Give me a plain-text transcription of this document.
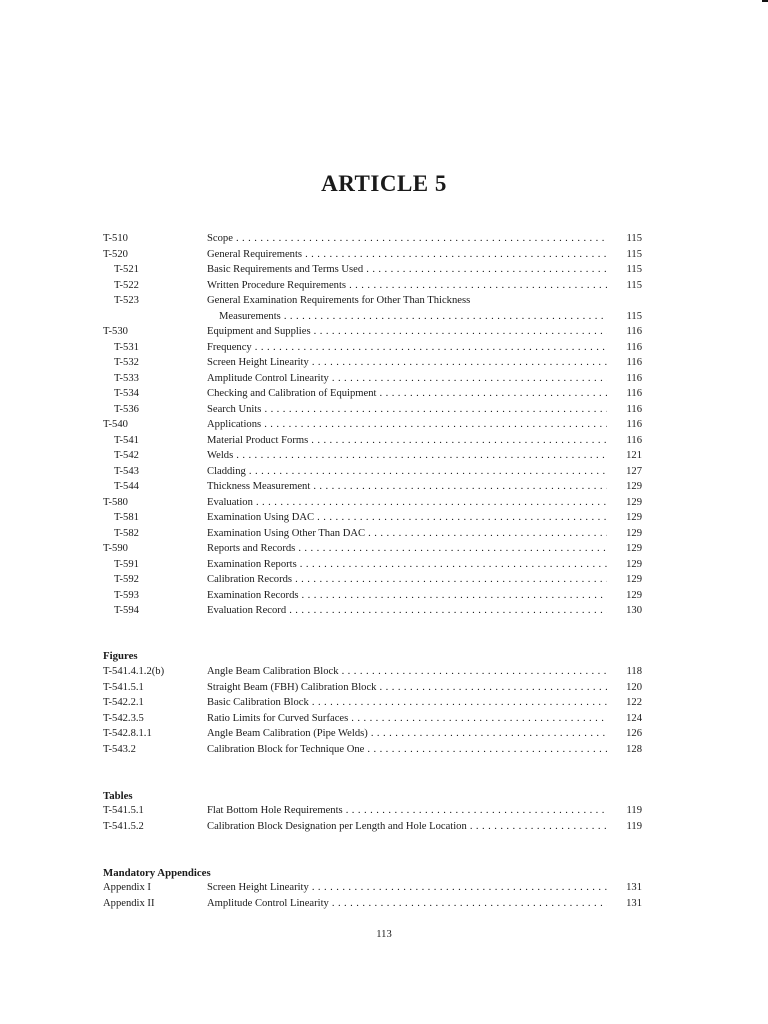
ARTICLE 5
T-510	Scope . . .	115
T-520	General Requirements . . .	115
T-521	Basic Requirements and Terms Used . . .	115
T-522	Written Procedure Requirements . . .	115
T-523	General Examination Requirements for Other Than Thickness
Measurements . . .	115
T-530	Equipment and Supplies . . .	116
T-531	Frequency . . .	116
T-532	Screen Height Linearity . . .	116
T-533	Amplitude Control Linearity . . .	116
T-534	Checking and Calibration of Equipment . . .	116
T-536	Search Units . . .	116
T-540	Applications . . .	116
T-541	Material Product Forms . . .	116
T-542	Welds . . .	121
T-543	Cladding . . .	127
T-544	Thickness Measurement . . .	129
T-580	Evaluation . . .	129
T-581	Examination Using DAC . . .	129
T-582	Examination Using Other Than DAC . . .	129
T-590	Reports and Records . . .	129
T-591	Examination Reports . . .	129
T-592	Calibration Records . . .	129
T-593	Examination Records . . .	129
T-594	Evaluation Record . . .	130
Figures
T-541.4.1.2(b)	Angle Beam Calibration Block . . .	118
T-541.5.1	Straight Beam (FBH) Calibration Block . . .	120
T-542.2.1	Basic Calibration Block . . .	122
T-542.3.5	Ratio Limits for Curved Surfaces . . .	124
T-542.8.1.1	Angle Beam Calibration (Pipe Welds) . . .	126
T-543.2	Calibration Block for Technique One . . .	128
Tables
T-541.5.1	Flat Bottom Hole Requirements . . .	119
T-541.5.2	Calibration Block Designation per Length and Hole Location . . .	119
Mandatory Appendices
Appendix I	Screen Height Linearity . . .	131
Appendix II	Amplitude Control Linearity . . .	131
113
